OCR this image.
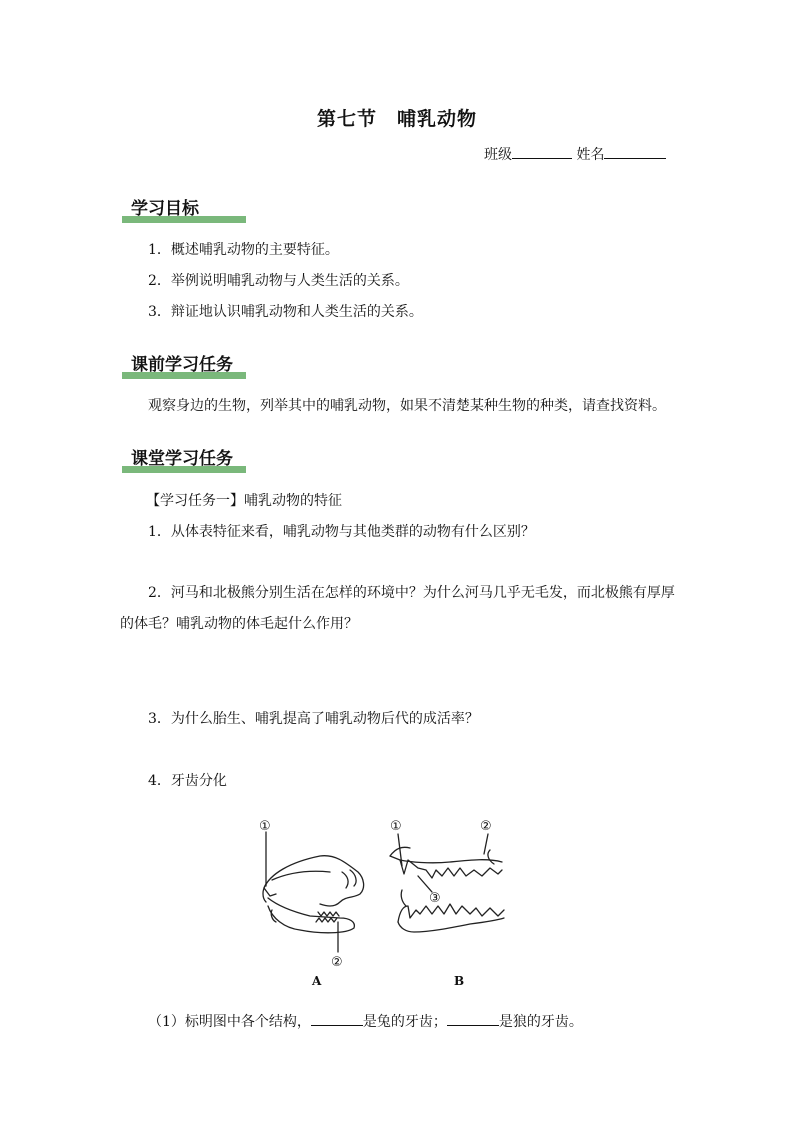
第七节　哺乳动物
班级	姓名
学习目标
1．概述哺乳动物的主要特征。
2．举例说明哺乳动物与人类生活的关系。
3．辩证地认识哺乳动物和人类生活的关系。
课前学习任务
观察身边的生物，列举其中的哺乳动物，如果不清楚某种生物的种类，请查找资料。
课堂学习任务
【学习任务一】哺乳动物的特征
1．从体表特征来看，哺乳动物与其他类群的动物有什么区别？
2．河马和北极熊分别生活在怎样的环境中？为什么河马几乎无毛发，而北极熊有厚厚
的体毛？哺乳动物的体毛起什么作用？
3．为什么胎生、哺乳提高了哺乳动物后代的成活率？
4．牙齿分化
①
②
①	②
③
A	B
（1）标明图中各个结构，	是兔的牙齿；	是狼的牙齿。
